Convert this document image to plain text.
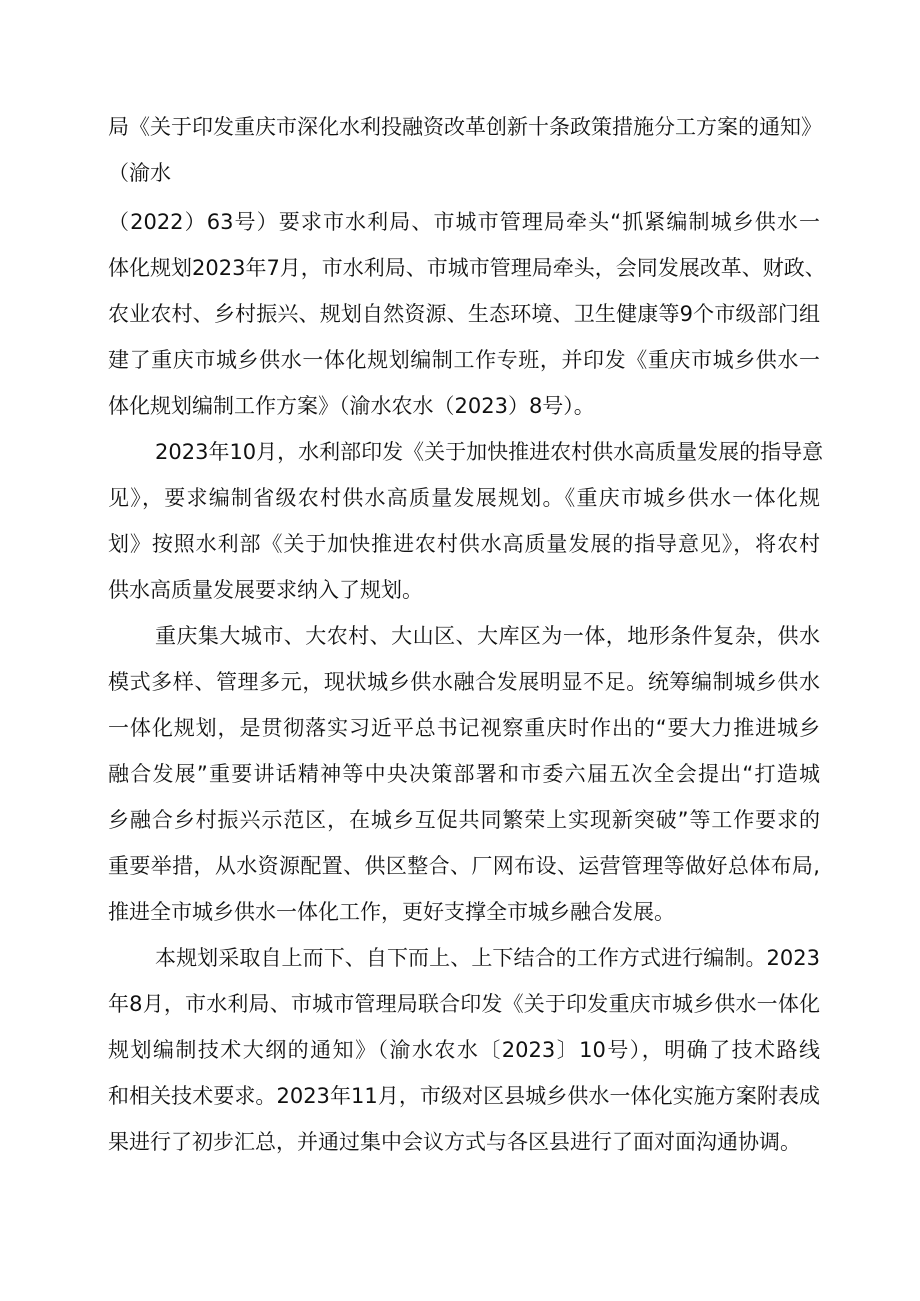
局《关于印发重庆市深化水利投融资改革创新十条政策措施分工方案的通知》
（渝水
（2022）63号）要求市水利局、市城市管理局牵头“抓紧编制城乡供水一
体化规划2023年7月，市水利局、市城市管理局牵头，会同发展改革、财政、
农业农村、乡村振兴、规划自然资源、生态环境、卫生健康等9个市级部门组
建了重庆市城乡供水一体化规划编制工作专班，并印发《重庆市城乡供水一
体化规划编制工作方案》（渝水农水（2023）8号）。
2023年10月，水利部印发《关于加快推进农村供水高质量发展的指导意
见》，要求编制省级农村供水高质量发展规划。《重庆市城乡供水一体化规
划》按照水利部《关于加快推进农村供水高质量发展的指导意见》，将农村
供水高质量发展要求纳入了规划。
重庆集大城市、大农村、大山区、大库区为一体，地形条件复杂，供水
模式多样、管理多元，现状城乡供水融合发展明显不足。统筹编制城乡供水
一体化规划，是贯彻落实习近平总书记视察重庆时作出的“要大力推进城乡
融合发展”重要讲话精神等中央决策部署和市委六届五次全会提出“打造城
乡融合乡村振兴示范区，在城乡互促共同繁荣上实现新突破”等工作要求的
重要举措，从水资源配置、供区整合、厂网布设、运营管理等做好总体布局,
推进全市城乡供水一体化工作，更好支撑全市城乡融合发展。
本规划采取自上而下、自下而上、上下结合的工作方式进行编制。2023
年8月，市水利局、市城市管理局联合印发《关于印发重庆市城乡供水一体化
规划编制技术大纲的通知》（渝水农水〔2023〕10号），明确了技术路线
和相关技术要求。2023年11月，市级对区县城乡供水一体化实施方案附表成
果进行了初步汇总，并通过集中会议方式与各区县进行了面对面沟通协调。
